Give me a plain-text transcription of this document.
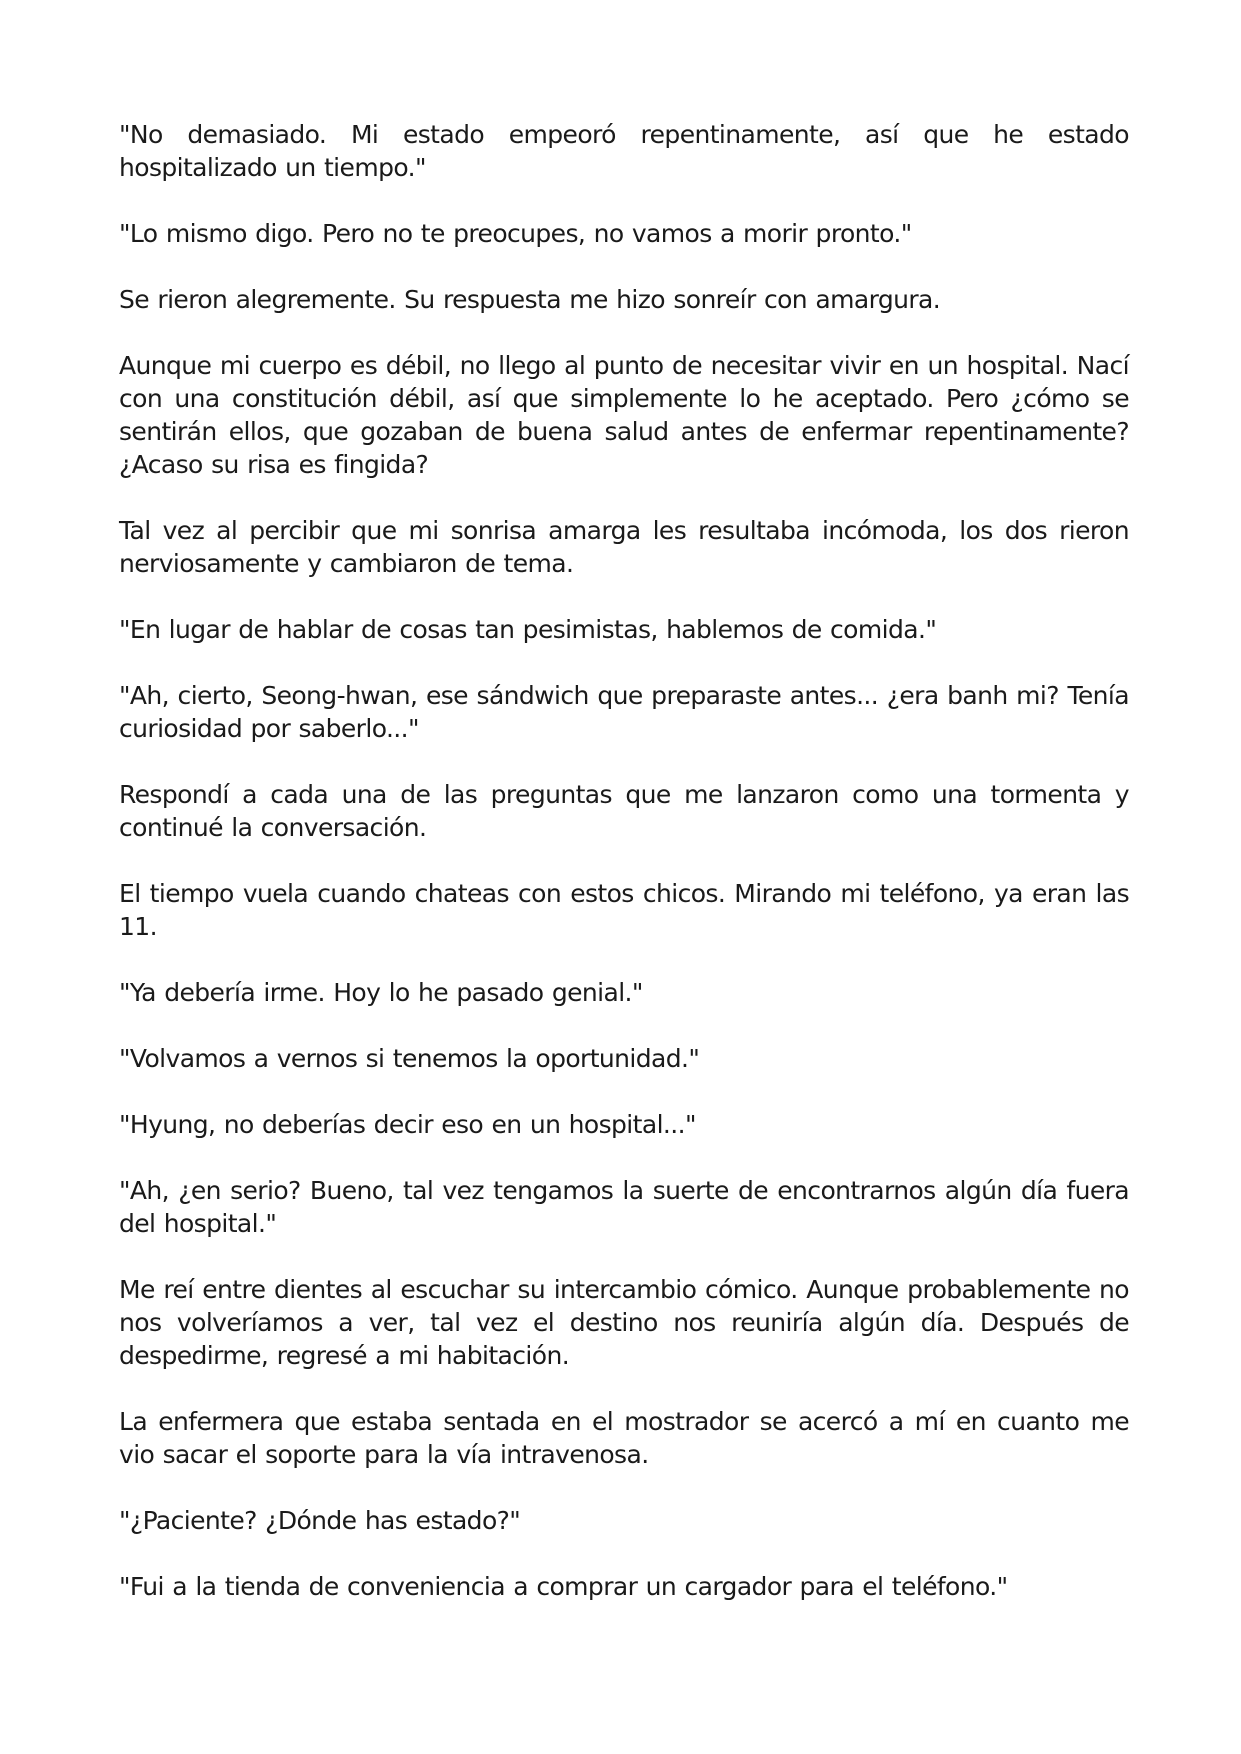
"No demasiado. Mi estado empeoró repentinamente, así que he estado hospitalizado un tiempo."

"Lo mismo digo. Pero no te preocupes, no vamos a morir pronto."

Se rieron alegremente. Su respuesta me hizo sonreír con amargura.

Aunque mi cuerpo es débil, no llego al punto de necesitar vivir en un hospital. Nací con una constitución débil, así que simplemente lo he aceptado. Pero ¿cómo se sentirán ellos, que gozaban de buena salud antes de enfermar repentinamente? ¿Acaso su risa es fingida?

Tal vez al percibir que mi sonrisa amarga les resultaba incómoda, los dos rieron nerviosamente y cambiaron de tema.

"En lugar de hablar de cosas tan pesimistas, hablemos de comida."

"Ah, cierto, Seong-hwan, ese sándwich que preparaste antes... ¿era banh mi? Tenía curiosidad por saberlo..."

Respondí a cada una de las preguntas que me lanzaron como una tormenta y continué la conversación.

El tiempo vuela cuando chateas con estos chicos. Mirando mi teléfono, ya eran las 11.

"Ya debería irme. Hoy lo he pasado genial."

"Volvamos a vernos si tenemos la oportunidad."

"Hyung, no deberías decir eso en un hospital..."

"Ah, ¿en serio? Bueno, tal vez tengamos la suerte de encontrarnos algún día fuera del hospital."

Me reí entre dientes al escuchar su intercambio cómico. Aunque probablemente no nos volveríamos a ver, tal vez el destino nos reuniría algún día. Después de despedirme, regresé a mi habitación.

La enfermera que estaba sentada en el mostrador se acercó a mí en cuanto me vio sacar el soporte para la vía intravenosa.

"¿Paciente? ¿Dónde has estado?"

"Fui a la tienda de conveniencia a comprar un cargador para el teléfono."
